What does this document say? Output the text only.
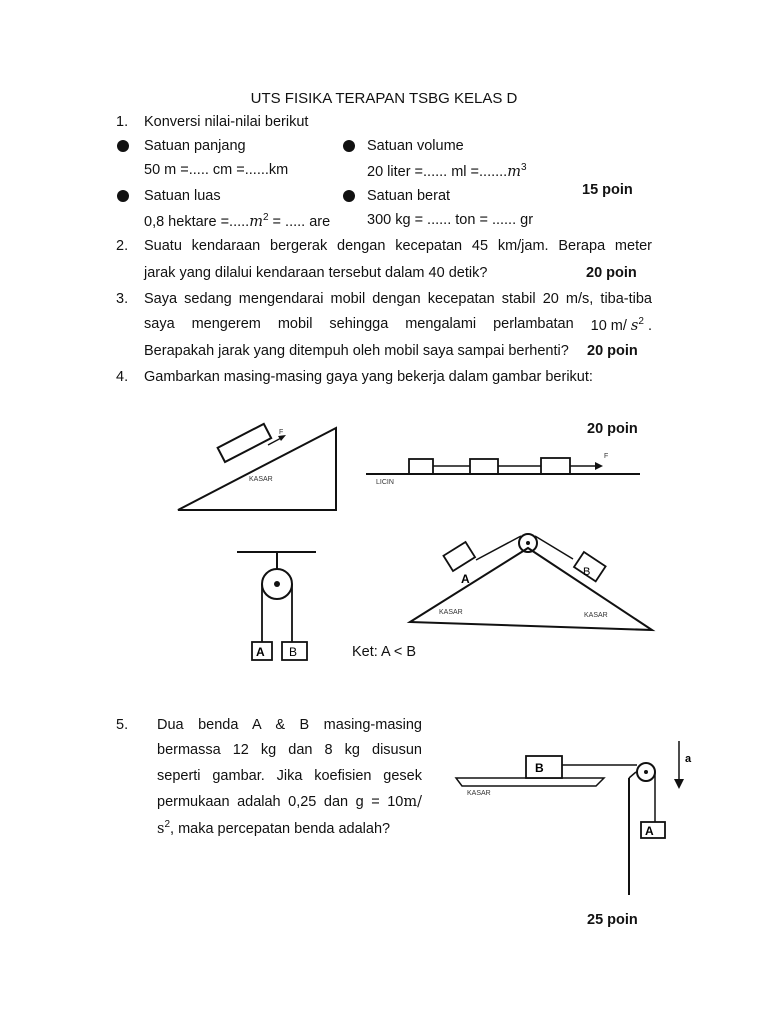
UTS FISIKA TERAPAN TSBG KELAS D
1.	Konversi nilai-nilai berikut
Satuan panjang
50 m =..... cm =......km
Satuan volume
20 liter =...... ml $=.......m^3$
15 poin
Satuan luas
0,8 hektare $=.....m^2$ = ..... are
Satuan berat
300 kg = ...... ton = ...... gr
2.	Suatu kendaraan bergerak dengan kecepatan 45 km/jam. Berapa meter
jarak yang dilalui kendaraan tersebut dalam 40 detik?	20 poin
3.	Saya sedang mengendarai mobil dengan kecepatan stabil 20 m/s, tiba-tiba
saya mengerem mobil sehingga mengalami perlambatan 10 m/ $s^2$ .
Berapakah jarak yang ditempuh oleh mobil saya sampai berhenti? 20 poin
4.	Gambarkan masing-masing gaya yang bekerja dalam gambar berikut:
20 poin
F
KASAR
F
LICIN
A B
A	B
KASAR	KASAR
B
A
KASAR
a
Ket: A < B
5.	Dua benda A & B masing-masing
bermassa 12 kg dan 8 kg disusun
seperti gambar. Jika koefisien gesek
permukaan adalah 0,25 dan g = 10m/
$s^2$, maka percepatan benda adalah?
25 poin
